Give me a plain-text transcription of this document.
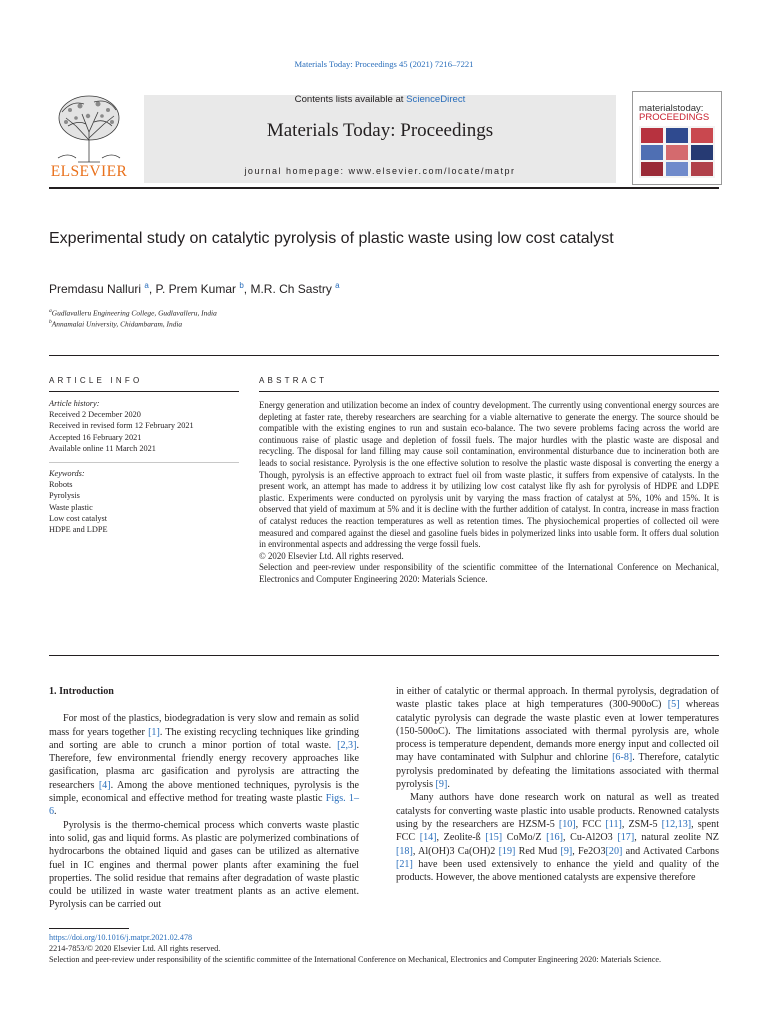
Materials Today: Proceedings 45 (2021) 7216–7221
ELSEVIER
Contents lists available at ScienceDirect
Materials Today: Proceedings
journal homepage: www.elsevier.com/locate/matpr
materialstoday:
PROCEEDINGS
Experimental study on catalytic pyrolysis of plastic waste using low cost catalyst
Premdasu Nalluri $^a$, P. Prem Kumar $^b$, M.R. Ch Sastry $^a$
$^a$Gudlavalleru Engineering College, Gudlavalleru, India
$^b$Annamalai University, Chidambaram, India
ARTICLE INFO
Article history:
Received 2 December 2020
Received in revised form 12 February 2021
Accepted 16 February 2021
Available online 11 March 2021
Keywords:
Robots
Pyrolysis
Waste plastic
Low cost catalyst
HDPE and LDPE
ABSTRACT

Energy generation and utilization become an index of country development. The currently using conventional energy sources are depleting at faster rate, thereby researchers are searching for a viable alternative to generate the energy. The source should be compatible with the existing engines to run and sustain eco-balance. The two severe problems facing across the world are continuous raise of plastic usage and depletion of fossil fuels. The major hurdles with the plastic waste are disposal and recycling. The disposal for land filling may cause soil contamination, environmental disturbance due to incineration both are leads to social resistance. Pyrolysis is the one effective solution to resolve the plastic waste disposal is converting the energy a Though, pyrolysis is an effective approach to extract fuel oil from waste plastic, it suffers from expensive of catalysts. In the present work, an attempt has made to address it by utilizing low cost catalyst like fly ash for pyrolysis of HDPE and LDPE plastic. Experiments were conducted on pyrolysis unit by varying the mass fraction of catalyst at 5%, 10% and 15%. It is observed that yield of maximum at 5% and it is decline with the further addition of catalyst. In contra, increase in mass fraction of catalyst reduces the reaction temperatures as well as retention times. The physiochemical properties of collected oil were measured and compared against the diesel and gasoline fuels bides in polymerized links into usable form. It offers dual solution in environmental aspects and addressing the verge fossil fuels.

© 2020 Elsevier Ltd. All rights reserved.

Selection and peer-review under responsibility of the scientific committee of the International Conference on Mechanical, Electronics and Computer Engineering 2020: Materials Science.

1. Introduction

For most of the plastics, biodegradation is very slow and remain as solid mass for years together [1]. The existing recycling techniques like grinding and sorting are able to crunch a minor portion of total waste. [2,3]. Therefore, few environmental friendly energy recovery approaches like gasification, plasma arc gasification and pyrolysis are attracting the researchers [4]. Among the above mentioned techniques, pyrolysis is the simple, economical and effective method for treating waste plastic Figs. 1–6.

Pyrolysis is the thermo-chemical process which converts waste plastic into solid, gas and liquid forms. As plastic are polymerized combinations of hydrocarbons the obtained liquid and gases can be utilized as alternative fuel in IC engines and thermal power plants after examining the fuel properties. The solid residue that remains after degradation of waste plastic could be utilized in waste water treatment plants as an active element. Pyrolysis can be carried out

in either of catalytic or thermal approach. In thermal pyrolysis, degradation of waste plastic takes place at high temperatures (300-900oC) [5] whereas catalytic pyrolysis can degrade the waste plastic even at lower temperatures (150-500oC). The limitations associated with thermal pyrolysis are, whole process is temperature dependent, demands more energy input and collected oil may have contaminated with Sulphur and chlorine [6-8]. Therefore, catalytic pyrolysis predominated by defeating the limitations associated with thermal pyrolysis [9].

Many authors have done research work on natural as well as treated catalysts for converting waste plastic into usable products. Renowned catalysts using by the researchers are HZSM-5 [10], FCC [11], ZSM-5 [12,13], spent FCC [14], Zeolite-ß [15] CoMo/Z [16], Cu-Al2O3 [17], natural zeolite NZ [18], Al(OH)3 Ca(OH)2 [19] Red Mud [9], Fe2O3[20] and Activated Carbons [21] have been used extensively to enhance the yield and quality of the products. However, the above mentioned catalysts are expensive therefore

https://doi.org/10.1016/j.matpr.2021.02.478
2214-7853/© 2020 Elsevier Ltd. All rights reserved.
Selection and peer-review under responsibility of the scientific committee of the International Conference on Mechanical, Electronics and Computer Engineering 2020: Materials Science.
